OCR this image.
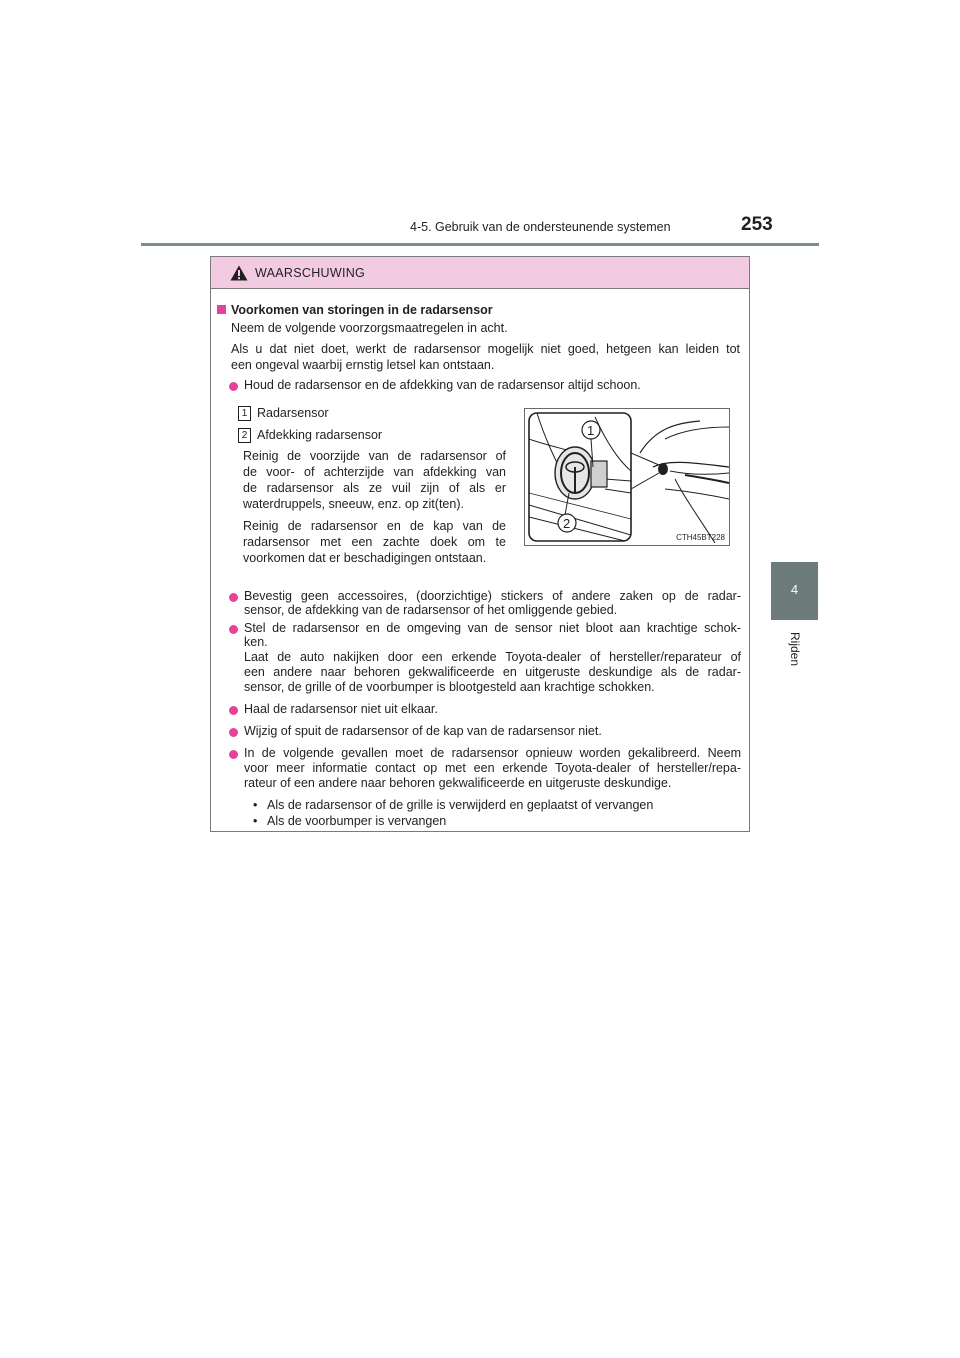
4-5. Gebruik van de ondersteunende systemen	253
4
Rijden
WAARSCHUWING
Voorkomen van storingen in de radarsensor
Neem de volgende voorzorgsmaatregelen in acht.
Als u dat niet doet, werkt de radarsensor mogelijk niet goed, hetgeen kan leiden tot
een ongeval waarbij ernstig letsel kan ontstaan.
Houd de radarsensor en de afdekking van de radarsensor altijd schoon.
1 Radarsensor
2 Afdekking radarsensor
Reinig de voorzijde van de radarsensor of
de voor- of achterzijde van afdekking van
de radarsensor als ze vuil zijn of als er
waterdruppels, sneeuw, enz. op zit(ten).
Reinig de radarsensor en de kap van de
radarsensor met een zachte doek om te
voorkomen dat er beschadigingen ontstaan.
1
2
CTH45BT228
Bevestig geen accessoires, (doorzichtige) stickers of andere zaken op de radar-
sensor, de afdekking van de radarsensor of het omliggende gebied.
Stel de radarsensor en de omgeving van de sensor niet bloot aan krachtige schok-
ken.
Laat de auto nakijken door een erkende Toyota-dealer of hersteller/reparateur of
een andere naar behoren gekwalificeerde en uitgeruste deskundige als de radar-
sensor, de grille of de voorbumper is blootgesteld aan krachtige schokken.
Haal de radarsensor niet uit elkaar.
Wijzig of spuit de radarsensor of de kap van de radarsensor niet.
In de volgende gevallen moet de radarsensor opnieuw worden gekalibreerd. Neem
voor meer informatie contact op met een erkende Toyota-dealer of hersteller/repa-
rateur of een andere naar behoren gekwalificeerde en uitgeruste deskundige.
• Als de radarsensor of de grille is verwijderd en geplaatst of vervangen
• Als de voorbumper is vervangen
